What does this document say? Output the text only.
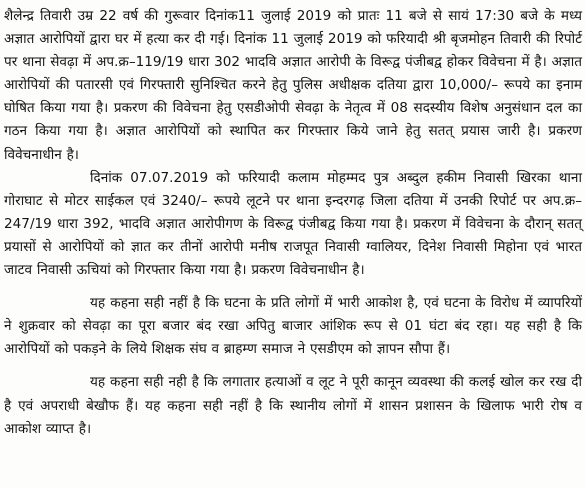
शैलेन्द्र तिवारी उम्र 22 वर्ष की गुरूवार दिनांक11 जुलाई 2019 को प्रातः 11 बजे से सायं 17:30 बजे के मध्य अज्ञात आरोपियों द्वारा घर में हत्या कर दी गई। दिनांक 11 जुलाई 2019 को फरियादी श्री बृजमोहन तिवारी की रिपोर्ट पर थाना सेवढ़ा में अप.क्र–119/19 धारा 302 भादवि अज्ञात आरोपी के विरूद्व पंजीबद्व होकर विवेचना में है। अज्ञात आरोपियों की पतारसी एवं गिरफ्तारी सुनिश्चित करने हेतु पुलिस अधीक्षक दतिया द्वारा 10,000/– रूपये का इनाम घोषित किया गया है। प्रकरण की विवेचना हेतु एसडीओपी सेवढ़ा के नेतृत्व में 08 सदस्यीय विशेष अनुसंधान दल का गठन किया गया है। अज्ञात आरोपियों को स्थापित कर गिरफ्तार किये जाने हेतु सतत् प्रयास जारी है। प्रकरण विवेचनाधीन है।

दिनांक 07.07.2019 को फरियादी कलाम मोहम्मद पुत्र अब्दुल हकीम निवासी खिरका थाना गोराघाट से मोटर साईकल एवं 3240/– रूपये लूटने पर थाना इन्दरगढ़ जिला दतिया में उनकी रिपोर्ट पर अप.क्र–247/19 धारा 392, भादवि अज्ञात आरोपीगण के विरूद्व पंजीबद्व किया गया है। प्रकरण में विवेचना के दौरान् सतत् प्रयासों से आरोपियों को ज्ञात कर तीनों आरोपी मनीष राजपूत निवासी ग्वालियर, दिनेश निवासी मिहोना एवं भारत जाटव निवासी ऊचियां को गिरफ्तार किया गया है। प्रकरण विवेचनाधीन है।

यह कहना सही नहीं है कि घटना के प्रति लोगों में भारी आकोश है, एवं घटना के विरोध में व्यापरियों ने शुक्रवार को सेवढ़ा का पूरा बजार बंद रखा अपितु बाजार आंशिक रूप से 01 घंटा बंद रहा। यह सही है कि आरोपियों को पकड़ने के लिये शिक्षक संघ व ब्राहम्ण समाज ने एसडीएम को ज्ञापन सौपा हैं।

यह कहना सही नही है कि लगातार हत्याओं व लूट ने पूरी कानून व्यवस्था की कलई खोल कर रख दी है एवं अपराधी बेखौफ हैं। यह कहना सही नहीं है कि स्थानीय लोगों में शासन प्रशासन के खिलाफ भारी रोष व आकोश व्याप्त है।
